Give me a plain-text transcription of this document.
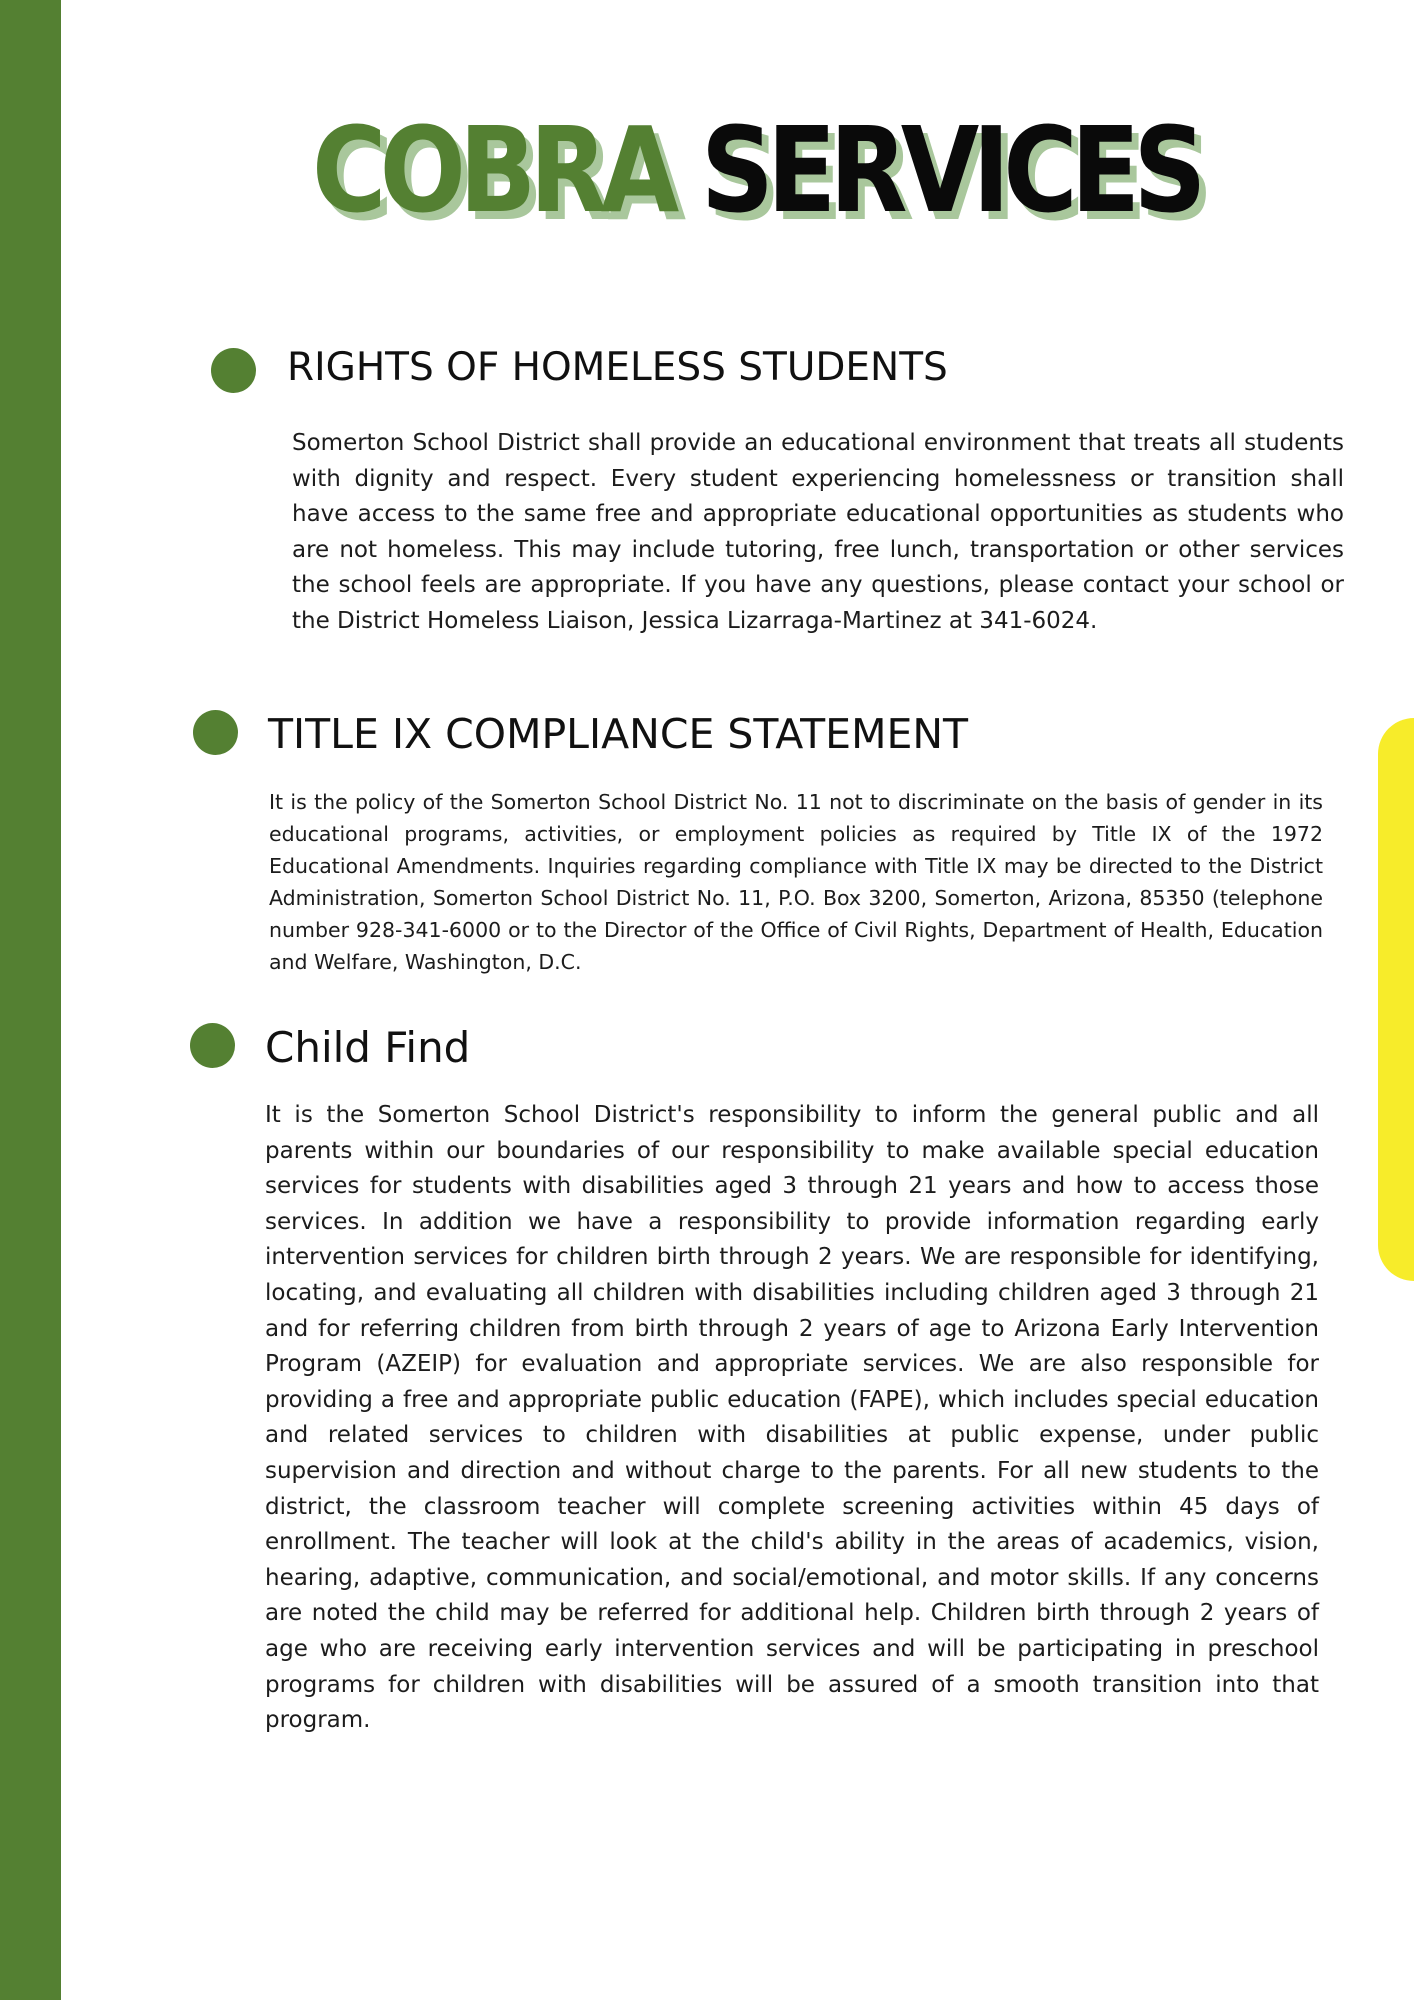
COBRA SERVICES
RIGHTS OF HOMELESS STUDENTS

Somerton School District shall provide an educational environment that treats all students with dignity and respect. Every student experiencing homelessness or transition shall have access to the same free and appropriate educational opportunities as students who are not homeless. This may include tutoring, free lunch, transportation or other services the school feels are appropriate. If you have any questions, please contact your school or the District Homeless Liaison, Jessica Lizarraga-Martinez at 341-6024.

TITLE IX COMPLIANCE STATEMENT

It is the policy of the Somerton School District No. 11 not to discriminate on the basis of gender in its educational programs, activities, or employment policies as required by Title IX of the 1972 Educational Amendments. Inquiries regarding compliance with Title IX may be directed to the District Administration, Somerton School District No. 11, P.O. Box 3200, Somerton, Arizona, 85350 (telephone number 928-341-6000 or to the Director of the Office of Civil Rights, Department of Health, Education and Welfare, Washington, D.C.

Child Find

It is the Somerton School District's responsibility to inform the general public and all parents within our boundaries of our responsibility to make available special education services for students with disabilities aged 3 through 21 years and how to access those services. In addition we have a responsibility to provide information regarding early intervention services for children birth through 2 years. We are responsible for identifying, locating, and evaluating all children with disabilities including children aged 3 through 21 and for referring children from birth through 2 years of age to Arizona Early Intervention Program (AZEIP) for evaluation and appropriate services. We are also responsible for providing a free and appropriate public education (FAPE), which includes special education and related services to children with disabilities at public expense, under public supervision and direction and without charge to the parents. For all new students to the district, the classroom teacher will complete screening activities within 45 days of enrollment. The teacher will look at the child's ability in the areas of academics, vision, hearing, adaptive, communication, and social/emotional, and motor skills. If any concerns are noted the child may be referred for additional help. Children birth through 2 years of age who are receiving early intervention services and will be participating in preschool programs for children with disabilities will be assured of a smooth transition into that program.
